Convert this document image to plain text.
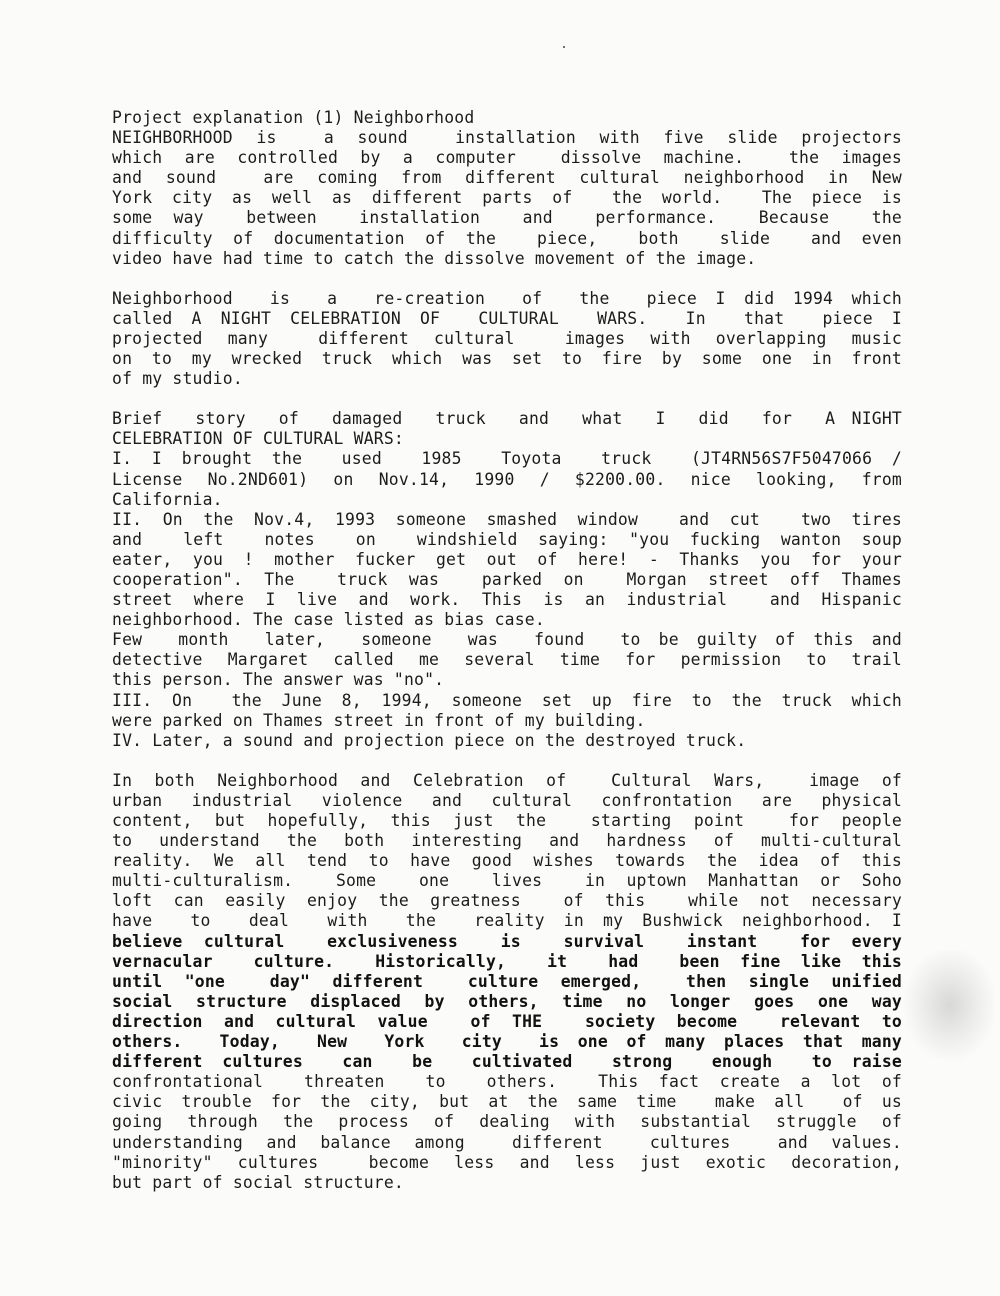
Project explanation (1) Neighborhood
NEIGHBORHOOD is  a sound  installation with five slide projectors
which are controlled by a computer  dissolve machine.  the images
and sound  are coming from different cultural neighborhood in New
York city as well as different parts of  the world.  The piece is
some way  between  installation  and  performance.  Because  the
difficulty of documentation of the  piece,  both  slide  and even
video have had time to catch the dissolve movement of the image.
Neighborhood  is  a  re-creation  of  the  piece I did 1994 which
called A NIGHT CELEBRATION OF  CULTURAL  WARS.  In  that  piece I
projected many  different cultural  images with overlapping music
on to my wrecked truck which was set to fire by some one in front
of my studio.
Brief  story  of  damaged  truck  and  what  I  did  for  A NIGHT
CELEBRATION OF CULTURAL WARS:
I. I brought the  used  1985  Toyota  truck  (JT4RN56S7F5047066 /
License No.2ND601) on Nov.14, 1990 / $2200.00. nice looking, from
California.
II. On the Nov.4, 1993 someone smashed window  and cut  two tires
and  left  notes  on  windshield saying: "you fucking wanton soup
eater, you ! mother fucker get out of here! - Thanks you for your
cooperation". The  truck was  parked on  Morgan street off Thames
street where I live and work. This is an industrial  and Hispanic
neighborhood. The case listed as bias case.
Few  month  later,  someone  was  found  to be guilty of this and
detective Margaret called me several time for permission to trail
this person. The answer was "no".
III. On  the June 8, 1994, someone set up fire to the truck which
were parked on Thames street in front of my building.
IV. Later, a sound and projection piece on the destroyed truck.
In both Neighborhood and Celebration of  Cultural Wars,  image of
urban industrial violence and cultural confrontation are physical
content, but hopefully, this just the  starting point  for people
to understand the both interesting and hardness of multi-cultural
reality. We all tend to have good wishes towards the idea of this
multi-culturalism.  Some  one  lives  in uptown Manhattan or Soho
loft can easily enjoy the greatness  of this  while not necessary
have  to  deal  with  the  reality in my Bushwick neighborhood. I
believe cultural  exclusiveness  is  survival  instant  for every
vernacular  culture.  Historically,  it  had  been fine like this
until "one  day" different  culture emerged,  then single unified
social structure displaced by others, time no longer goes one way
direction and cultural value  of THE  society become  relevant to
others.  Today,  New  York  city  is one of many places that many
different cultures  can  be  cultivated  strong  enough  to raise
confrontational  threaten  to  others.  This fact create a lot of
civic trouble for the city, but at the same time  make all  of us
going through the process of dealing with substantial struggle of
understanding and balance among  different  cultures  and values.
"minority" cultures  become less and less just exotic decoration,
but part of social structure.
